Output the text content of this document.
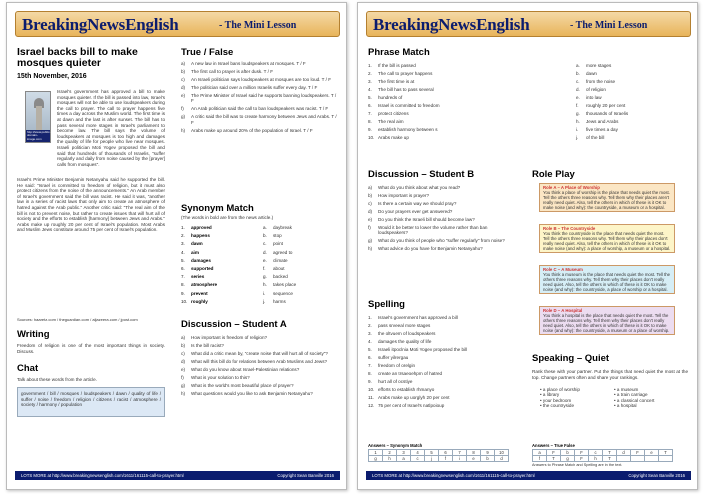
BreakingNewsEnglish	- The Mini Lesson
Israel backs bill to make mosques quieter
15th November, 2016
http://www.public-domain-image.com

Israel's government has approved a bill to make mosques quieter. If the bill is passed into law, Israel's mosques will not be able to use loudspeakers during the call to prayer. The call to prayer happens five times a day across the Muslim world. The first time is at dawn and the last is after sunset. The bill has to pass several more stages in Israel's parliament to become law. The bill says the volume of loudspeakers at mosques is too high and damages the quality of life for people who live near mosques. Israeli politician Moti Yogev proposed the bill and said that hundreds of thousands of Israelis, "suffer regularly and daily from noise caused by the [prayer] calls from mosques".

Israel's Prime Minister Benjamin Netanyahu said he supported the bill. He said: "Israel is committed to freedom of religion, but it must also protect citizens from the noise of the announcements." An Arab member of Israel's government said the bill was racist. He said it was, "another law in a series of racist laws that only aim to create an atmosphere of hatred against the Arab public." Another critic said: "The real aim of the bill is not to prevent noise, but rather to create issues that will hurt all of society and the efforts to establish [harmony] between Jews and Arabs." Arabs make up roughly 20 per cent of Israel's population. Most Arabs and Muslim Jews constitute around 75 per cent of Israel's population.

Sources: haaretz.com / theguardian.com / aljazeera.com / jpost.com
Writing
Freedom of religion is one of the most important things in society. Discuss.
Chat
Talk about these words from the article.
government / bill / mosques / loudspeakers / dawn / quality of life / suffer / noise / freedom / religion / citizens / racist / atmosphere / society / harmony / population
True / False
a)	A new law in Israel bans loudspeakers at mosques. T / F
b)	The first call to prayer is after dusk. T / F
c)	An Israeli politician says loudspeakers at mosques are too loud. T / F
d)	The politician said over a million Israelis suffer every day. T / F
e)	The Prime Minister of Israel said he supports banning loudspeakers. T / F
f)	An Arab politician said the call to ban loudspeakers was racist. T / F
g)	A critic said the bill was to create harmony between Jews and Arabs. T / F
h)	Arabs make up around 20% of the population of Israel. T / F
Synonym Match
(The words in bold are from the news article.)
1.	approved
2.	happens
3.	dawn
4.	aim
5.	damages
6.	supported
7.	series
8.	atmosphere
9.	prevent
10. roughly
a.	daybreak
b.	stop
c.	point
d.	agreed to
e.	climate
f.	about
g.	backed
h.	takes place
i.	sequence
j.	harms
Discussion – Student A
a)	How important is freedom of religion?
b)	Is the bill racist?
c)	What did a critic mean by, "create noise that will hurt all of society"?
d)	What will this bill do for relations between Arab Muslims and Jews?
e)	What do you know about Israel-Palestinian relations?
f)	What is your solution to this?
g)	What is the world's most beautiful place of prayer?
h)	What questions would you like to ask Benjamin Netanyahu?
LOTS MORE at http://www.breakingnewsenglish.com/1611/161115-call-to-prayer.html	Copyright Sean Banville 2016
BreakingNewsEnglish	- The Mini Lesson
Phrase Match
1.	If the bill is passed
2.	The call to prayer happens
3.	The first time is at
4.	The bill has to pass several
5.	hundreds of
6.	Israel is committed to freedom
7.	protect citizens
8.	The real aim
9.	establish harmony between s
10. Arabs make up
a.	more stages
b.	dawn
c.	from the noise
d.	of religion
e.	into law
f.	roughly 20 per cent
g.	thousands of Israelis
h.	Jews and Arabs
i.	five times a day
j.	of the bill
Discussion – Student B
a)	What do you think about what you read?
b)	How important is prayer?
c)	Is there a certain way we should pray?
d)	Do your prayers ever get answered?
e)	Do you think the Israeli bill should become law?
f)	Would it be better to lower the volume rather than ban loudspeakers?
g)	What do you think of people who "suffer regularly" from noise?
h)	What advice do you have for Benjamin Netanyahu?
Spelling
1.	Israel's government has approved a bill
2.	pass srveeal more stages
3.	the oltvuem of loudspeakers
4.	damages the quality of life
5.	Israeli itpoclnia Moti Yogev proposed the bill
6.	suffer yilrergau
7.	freedom of orelgin
8.	create an trsaeoehpm of hatred
9.	hurt all of ocstiye
10. efforts to establish rhmanyo
11. Arabs make up uorglyh 20 per cent
12. 75 per cent of Israel's natlpoioup
Role Play
Role A – A Place of Worship
You think a place of worship is the place that needs quiet the most. Tell the others three reasons why. Tell them why their places aren't really need quiet. Also, tell the others in which of these is it OK to make noise (and why): the countryside, a museum or a hospital.
Role B – The Countryside
You think the countryside is the place that needs quiet the most. Tell the others three reasons why. Tell them why their places don't really need quiet. Also, tell the others in which of these is it OK to make noise (and why): a place of worship, a museum or a hospital.
Role C – A Museum
You think a museum is the place that needs quiet the most. Tell the others three reasons why. Tell them why their places don't really need quiet. Also, tell the others in which of these is it OK to make noise (and why): the countryside, a place of worship or a hospital.
Role D – A Hospital
You think a hospital is the place that needs quiet the most. Tell the others three reasons why. Tell them why their places don't really need quiet. Also, tell the others in which of these is it OK to make noise (and why): the countryside, a museum or a place of worship.
Speaking – Quiet
Rank these with your partner. Put the things that need quiet the most at the top. Change partners often and share your rankings.
• a place of worship	• a museum
• a library	• a train carriage
• your bedroom	• a classical concert
• the countryside	• a hospital
Answers – Synonym Match
1	2	3	4	5	6	7	8	9	10
g	h	a	c	j	f	i	e	b	d
Answers – True False
a	F	b	F	c	T	d	F	e	T
f	T	g	F	h	T				
Answers to Phrase Match and Spelling are in the text.
LOTS MORE at http://www.breakingnewsenglish.com/1611/161115-call-to-prayer.html	Copyright Sean Banville 2016
